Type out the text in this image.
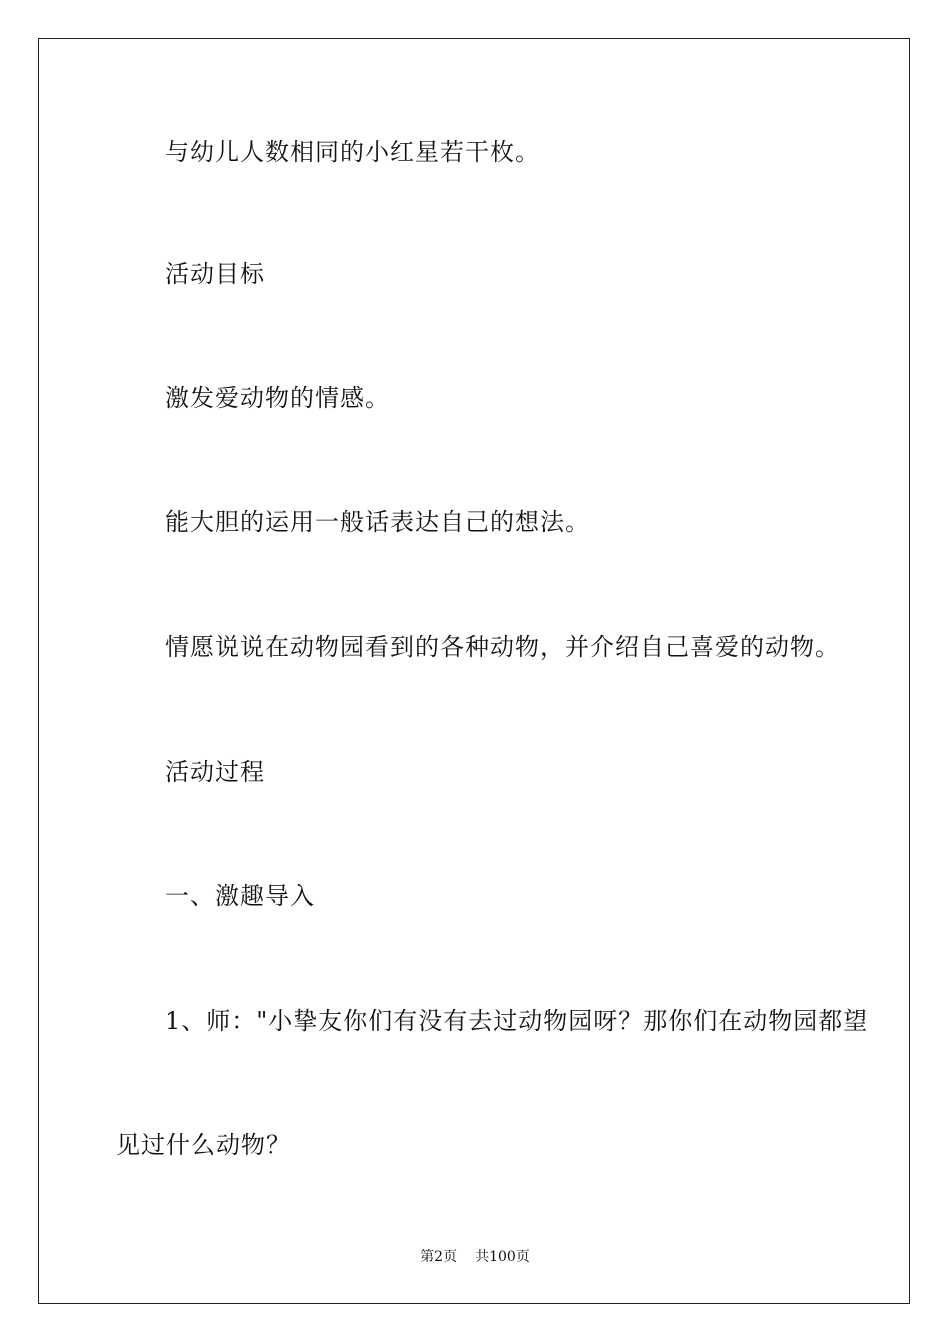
与幼儿人数相同的小红星若干枚。
活动目标
激发爱动物的情感。
能大胆的运用一般话表达自己的想法。
情愿说说在动物园看到的各种动物，并介绍自己喜爱的动物。
活动过程
一、激趣导入
1、师："小挚友你们有没有去过动物园呀？那你们在动物园都望
见过什么动物？
第2页 共100页
